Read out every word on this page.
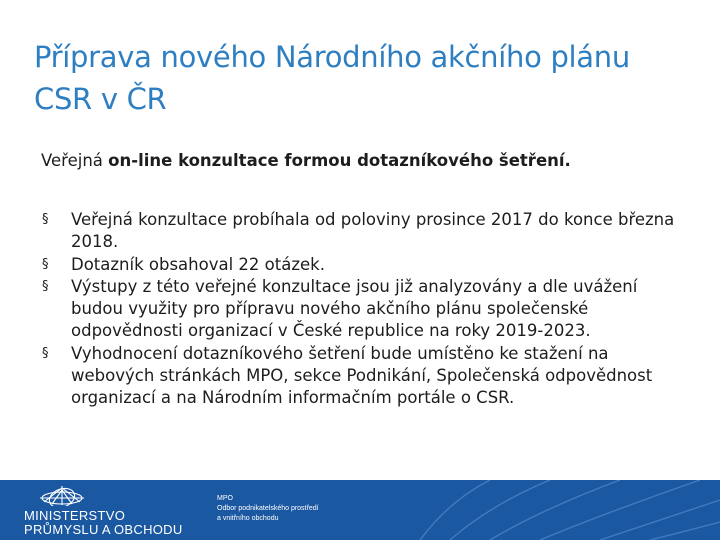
Příprava nového Národního akčního plánu CSR v ČR

Veřejná on-line konzultace formou dotazníkového šetření.

§ Veřejná konzultace probíhala od poloviny prosince 2017 do konce března 2018.
§ Dotazník obsahoval 22 otázek.
§ Výstupy z této veřejné konzultace jsou již analyzovány a dle uvážení budou využity pro přípravu nového akčního plánu společenské odpovědnosti organizací v České republice na roky 2019-2023.
§ Vyhodnocení dotazníkového šetření bude umístěno ke stažení na webových stránkách MPO, sekce Podnikání, Společenská odpovědnost organizací a na Národním informačním portále o CSR.
MINISTERSTVO
PRŮMYSLU A OBCHODU
MPO
Odbor podnikatelského prostředí
a vnitřního obchodu
